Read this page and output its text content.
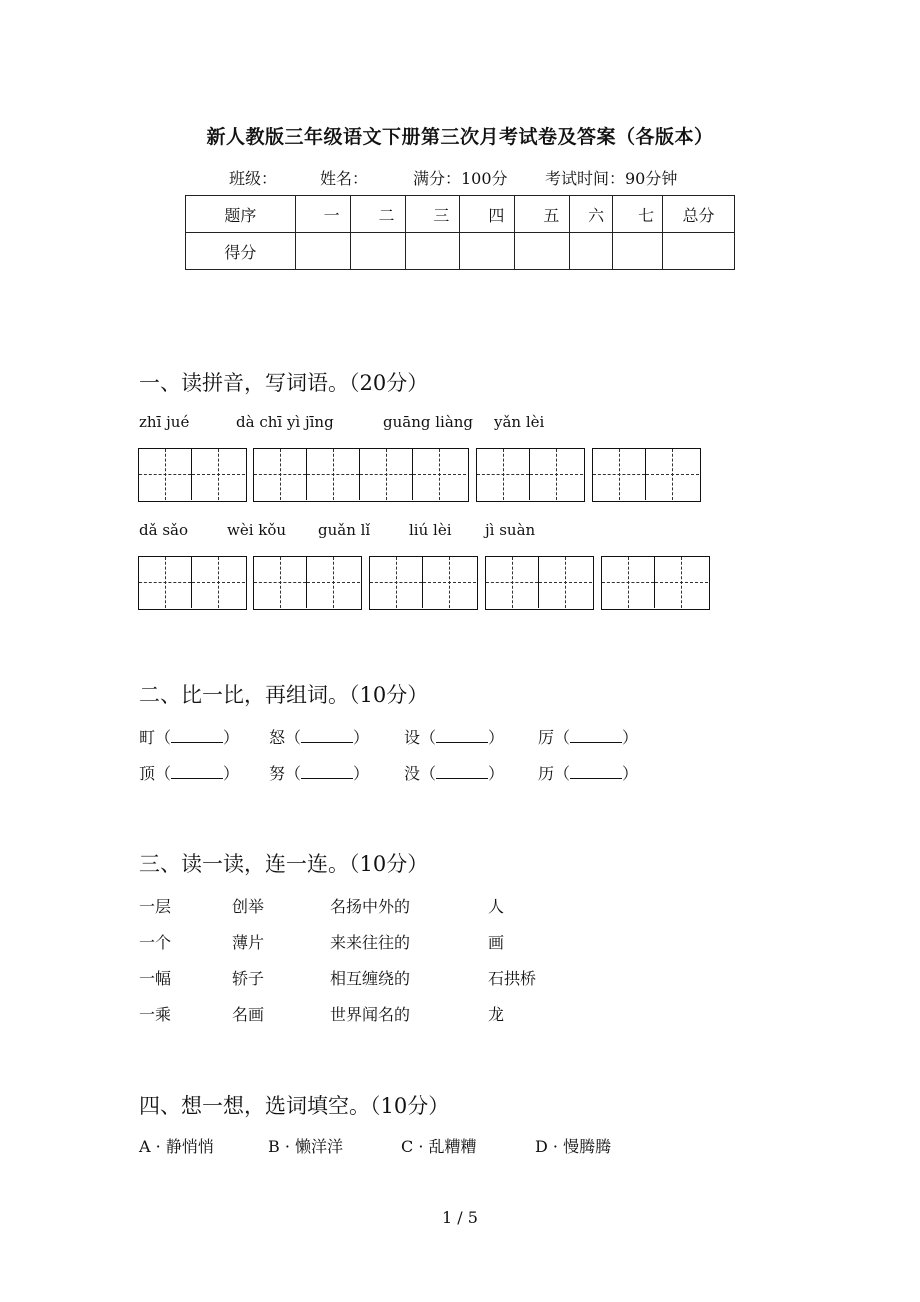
新人教版三年级语文下册第三次月考试卷及答案（各版本）
班级：	姓名：	满分：100分 考试时间：90分钟
题序	一	二	三	四	五	六	七	总分
得分								
一、读拼音，写词语。（20分）
zhī jué	dà chī yì jīng	guāng liàng yǎn lèi
dǎ sǎo	wèi kǒu guǎn lǐ	liú lèi jì suàn
二、比一比，再组词。（10分）
町（	） 怒（	） 设（	） 厉（	）
顶（	） 努（	） 没（	） 历（	）
三、读一读，连一连。（10分）
一层	创举	名扬中外的	人
一个	薄片	来来往往的	画
一幅	轿子	相互缠绕的	石拱桥
一乘	名画	世界闻名的	龙
四、想一想，选词填空。（10分）
A · 静悄悄	B · 懒洋洋	C · 乱糟糟	D · 慢腾腾
1 / 5
